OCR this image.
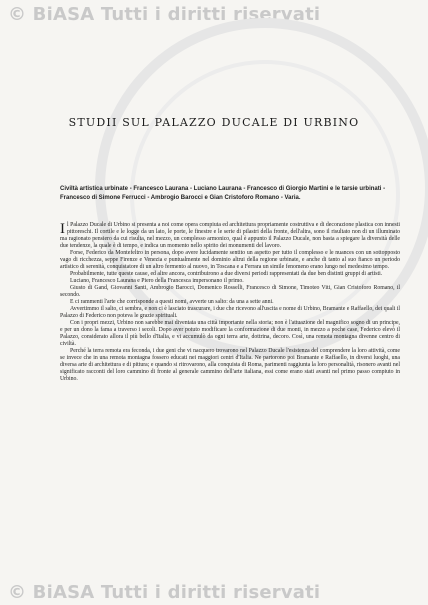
© BiASA Tutti i diritti riservati
STUDII SUL PALAZZO DUCALE DI URBINO
Civiltà artistica urbinate - Francesco Laurana - Luciano Laurana - Francesco di Giorgio Martini e le tarsie urbinati - Francesco di Simone Ferrucci - Ambrogio Barocci e Gian Cristoforo Romano - Varia.

Il Palazzo Ducale di Urbino si presenta a noi come opera compiuta ed architettura propriamente costruttiva e di decorazione plastica con innesti pittoreschi. Il cortile e le logge da un lato, le porte, le finestre e le serie di pilastri della fronte, dell'altra, sono il risultato non di un illuminato ma ragionato pensiero da cui risulta, nel mezzo, un complesso armonico, qual è appunto il Palazzo Ducale, non basta a spiegare la diversità delle due tendenze, la quale è di tempo, e indica un momento nello spirito dei monumenti del lavoro.

Forse, Federico da Montefeltro in persona, dopo avere lucidamente sentito un aspetto per tutto il complesso e le nuances con un sottopposto vago di ricchezza, seppe Firenze e Venezia e puntualmente nel dominio altrui della regione urbinate, e anche di tanto al suo fianco un periodo artistico di serenità, conquistatore di un altro fermento al nuovo, in Toscana e a Ferrara un simile fenomeno erano lungo nel medesimo tempo.

Probabilmente, tutte queste cause, ed altre ancora, contribuirono a due diversi periodi rappresentati da due ben distinti gruppi di artisti.

Luciano, Francesco Laurana e Piero della Francesca impersonano il primo.

Giusto di Gand, Giovanni Santi, Ambrogio Barocci, Domenico Rosselli, Francesco di Simone, Timoteo Viti, Gian Cristoforo Romano, il secondo.

E ci rammenti l'arte che corrisponde a questi nomi, avverte un salto: da una a sette anni.

Avvertimmo il salto, ci sembra, e non ci è lasciato trascurare, i due che ricevono all'uscita e nome di Urbino, Bramante e Raffaello, dei quali il Palazzo di Federico non poteva le grazie spirituali.

Con i propri mezzi, Urbino non sarebbe mai diventata una città importante nella storia; non è l'attuazione del magnifico sogno di un principe, e per un dono la fama a traverso i secoli. Dopo aver potuto modificare la conformazione di due monti, in mezzo a poche case, Federico elevò il Palazzo, considerato allora il più bello d'Italia, e vi accumulò da ogni terra arte, dottrina, decoro. Così, una remota montagna divenne centro di civiltà.

Perché la terra remota era feconda, i due geni che vi nacquero trovarono nel Palazzo Ducale l'esistenza del comprendere la loro attività, come se invece che in una remota montagna fossero educati nei maggiori centri d'Italia. Ne partorono poi Bramante e Raffaello, in diversi luoghi, una diversa arte di architettura e di pittura; e quando si ritrovarono, alla conquista di Roma, parimenti raggiunta la loro personalità, risonero avanti nel significato racconti del loro cammino di fronte al generale cammino dell'arte italiana, essi come erano stati avanti nel primo passo compiuto in Urbino.

© BiASA Tutti i diritti riservati
